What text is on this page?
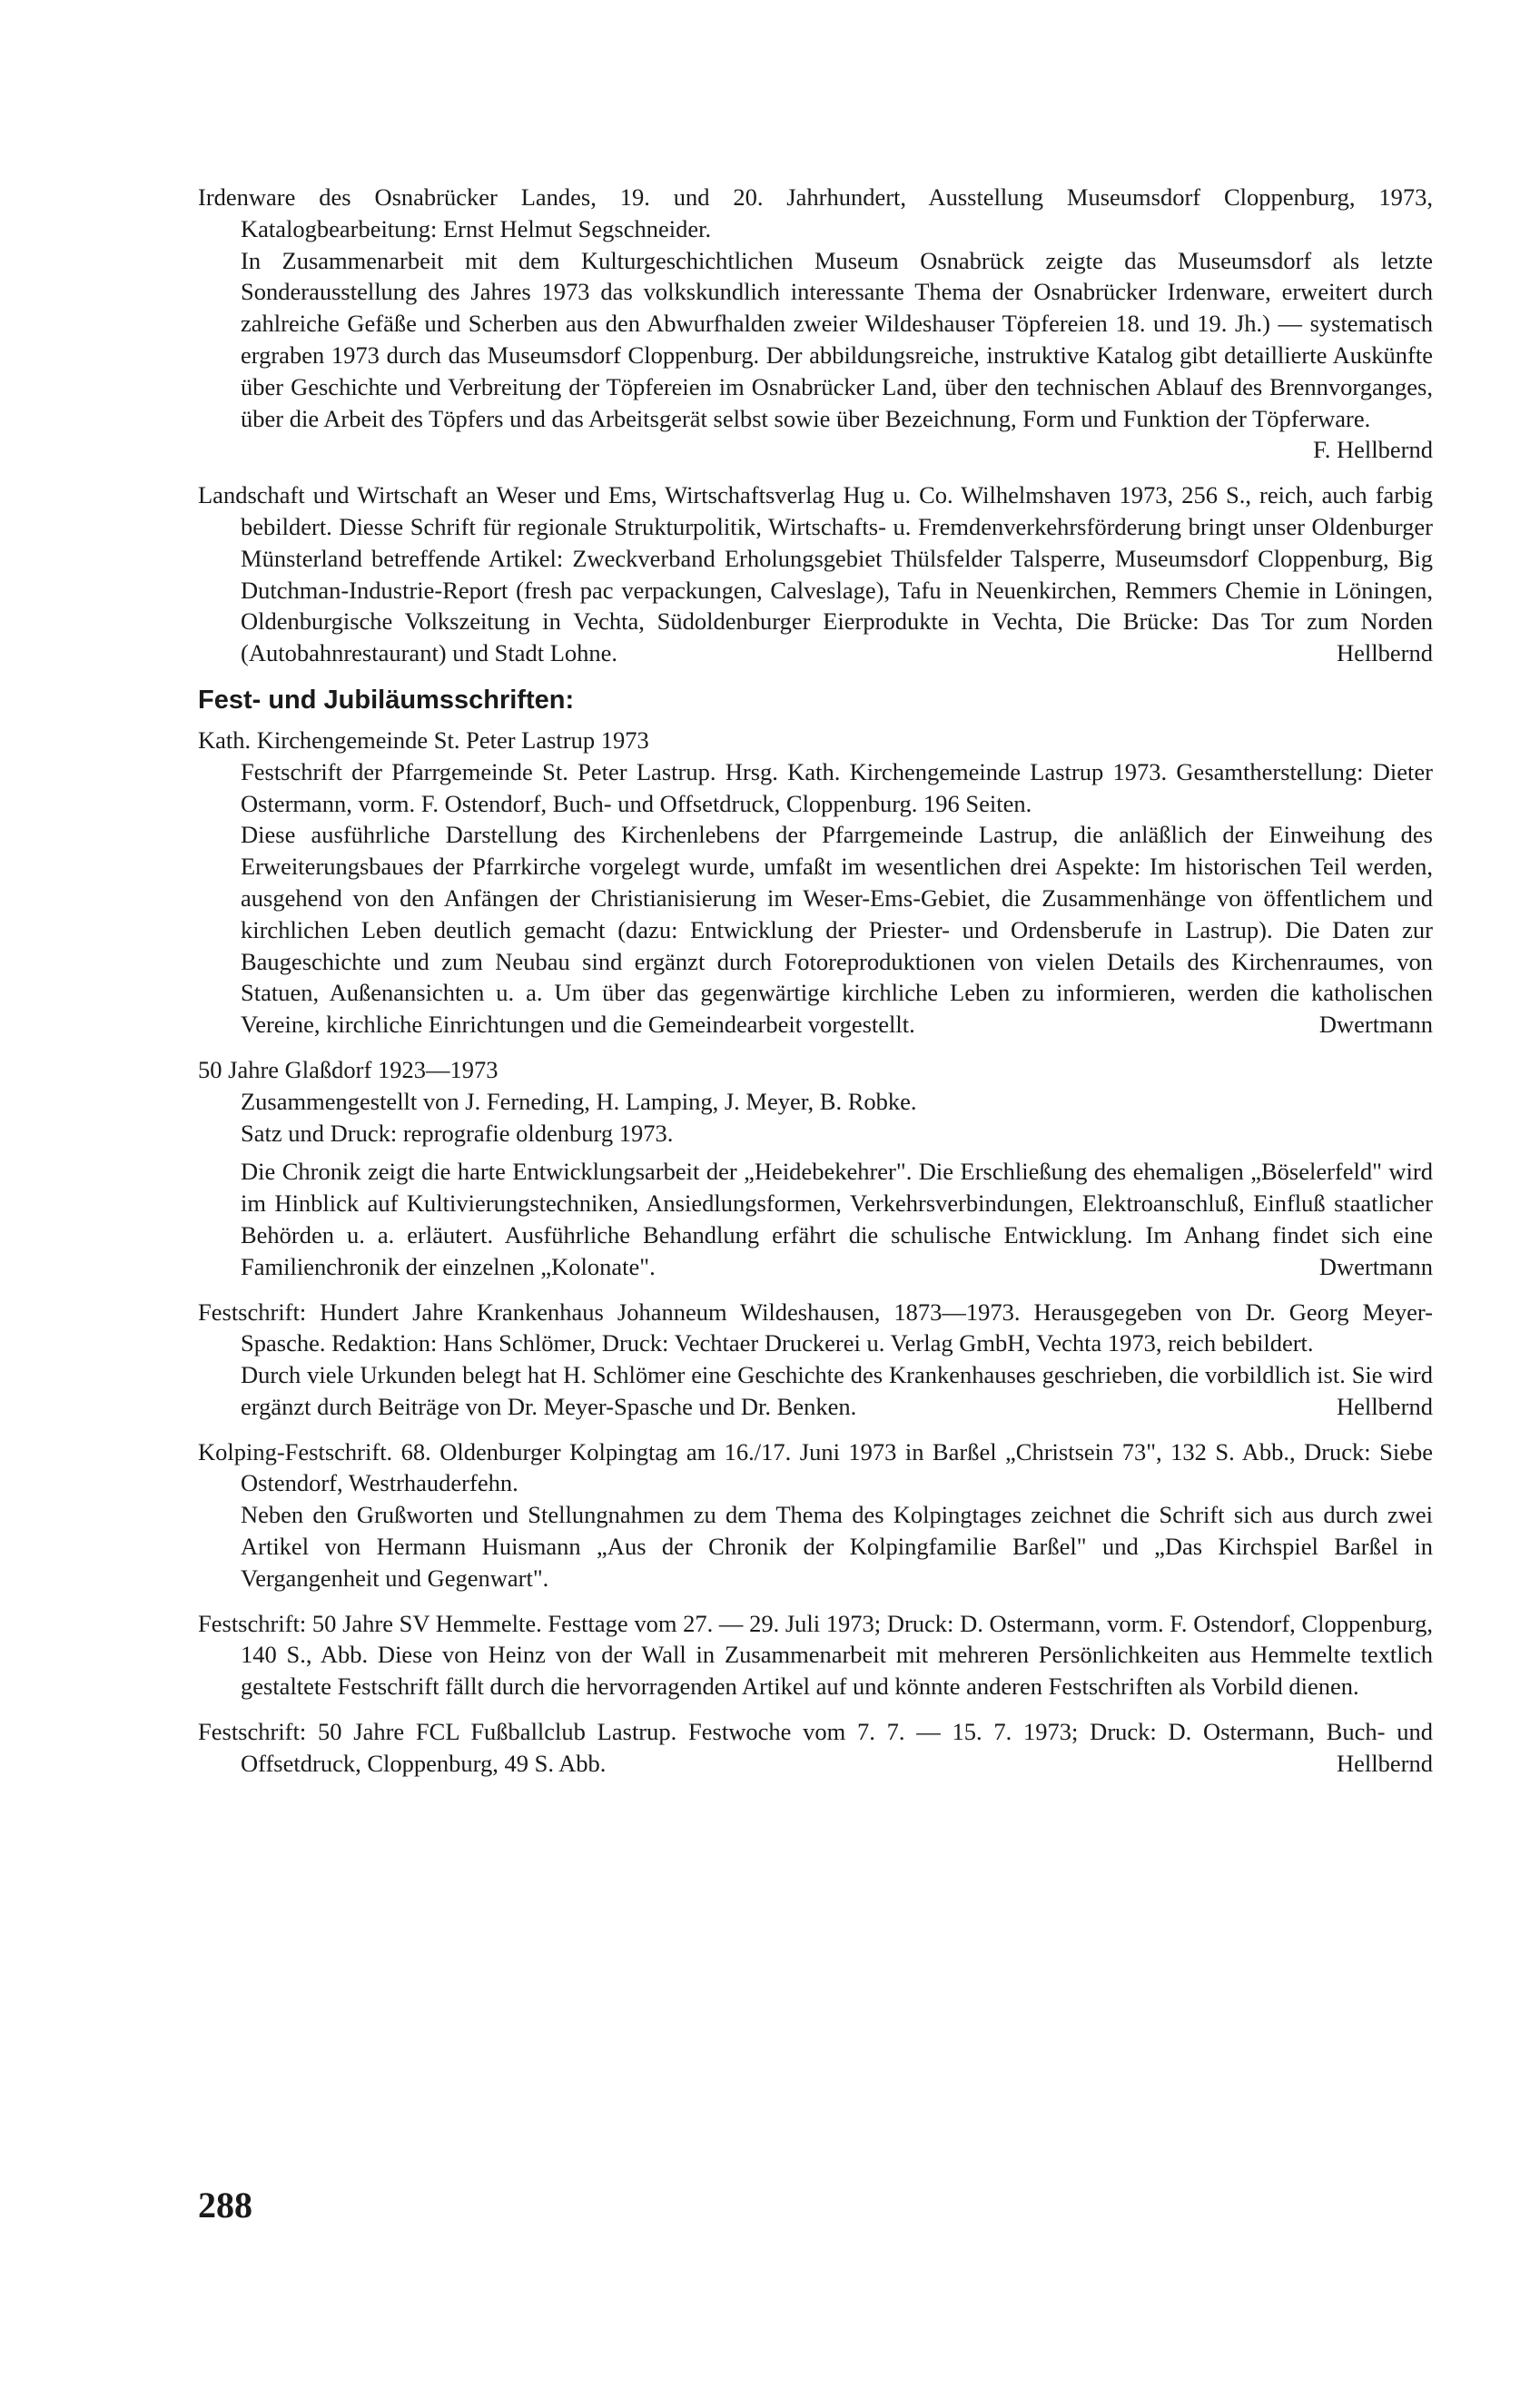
Irdenware des Osnabrücker Landes, 19. und 20. Jahrhundert, Ausstellung Museumsdorf Cloppenburg, 1973, Katalogbearbeitung: Ernst Helmut Segschneider.

In Zusammenarbeit mit dem Kulturgeschichtlichen Museum Osnabrück zeigte das Museumsdorf als letzte Sonderausstellung des Jahres 1973 das volkskundlich interessante Thema der Osnabrücker Irdenware, erweitert durch zahlreiche Gefäße und Scherben aus den Abwurfhalden zweier Wildeshauser Töpfereien 18. und 19. Jh.) — systematisch ergraben 1973 durch das Museumsdorf Cloppenburg. Der abbildungsreiche, instruktive Katalog gibt detaillierte Auskünfte über Geschichte und Verbreitung der Töpfereien im Osnabrücker Land, über den technischen Ablauf des Brennvorganges, über die Arbeit des Töpfers und das Arbeitsgerät selbst sowie über Bezeichnung, Form und Funktion der Töpferware.
F. Hellbernd

Landschaft und Wirtschaft an Weser und Ems, Wirtschaftsverlag Hug u. Co. Wilhelmshaven 1973, 256 S., reich, auch farbig bebildert. Diesse Schrift für regionale Strukturpolitik, Wirtschafts- u. Fremdenverkehrsförderung bringt unser Oldenburger Münsterland betreffende Artikel: Zweckverband Erholungsgebiet Thülsfelder Talsperre, Museumsdorf Cloppenburg, Big Dutchman-Industrie-Report (fresh pac verpackungen, Calveslage), Tafu in Neuenkirchen, Remmers Chemie in Löningen, Oldenburgische Volkszeitung in Vechta, Südoldenburger Eierprodukte in Vechta, Die Brücke: Das Tor zum Norden (Autobahnrestaurant) und Stadt Lohne.	Hellbernd

Fest- und Jubiläumsschriften:

Kath. Kirchengemeinde St. Peter Lastrup 1973

Festschrift der Pfarrgemeinde St. Peter Lastrup. Hrsg. Kath. Kirchengemeinde Lastrup 1973. Gesamtherstellung: Dieter Ostermann, vorm. F. Ostendorf, Buch- und Offsetdruck, Cloppenburg. 196 Seiten.

Diese ausführliche Darstellung des Kirchenlebens der Pfarrgemeinde Lastrup, die anläßlich der Einweihung des Erweiterungsbaues der Pfarrkirche vorgelegt wurde, umfaßt im wesentlichen drei Aspekte: Im historischen Teil werden, ausgehend von den Anfängen der Christianisierung im Weser-Ems-Gebiet, die Zusammenhänge von öffentlichem und kirchlichen Leben deutlich gemacht (dazu: Entwicklung der Priester- und Ordensberufe in Lastrup). Die Daten zur Baugeschichte und zum Neubau sind ergänzt durch Fotoreproduktionen von vielen Details des Kirchenraumes, von Statuen, Außenansichten u. a. Um über das gegenwärtige kirchliche Leben zu informieren, werden die katholischen Vereine, kirchliche Einrichtungen und die Gemeindearbeit vorgestellt.	Dwertmann

50 Jahre Glaßdorf 1923—1973

Zusammengestellt von J. Ferneding, H. Lamping, J. Meyer, B. Robke.

Satz und Druck: reprografie oldenburg 1973.

Die Chronik zeigt die harte Entwicklungsarbeit der „Heidebekehrer". Die Erschließung des ehemaligen „Böselerfeld" wird im Hinblick auf Kultivierungstechniken, Ansiedlungsformen, Verkehrsverbindungen, Elektroanschluß, Einfluß staatlicher Behörden u. a. erläutert. Ausführliche Behandlung erfährt die schulische Entwicklung. Im Anhang findet sich eine Familienchronik der einzelnen „Kolonate".	Dwertmann

Festschrift: Hundert Jahre Krankenhaus Johanneum Wildeshausen, 1873—1973. Herausgegeben von Dr. Georg Meyer-Spasche. Redaktion: Hans Schlömer, Druck: Vechtaer Druckerei u. Verlag GmbH, Vechta 1973, reich bebildert.

Durch viele Urkunden belegt hat H. Schlömer eine Geschichte des Krankenhauses geschrieben, die vorbildlich ist. Sie wird ergänzt durch Beiträge von Dr. Meyer-Spasche und Dr. Benken.	Hellbernd

Kolping-Festschrift. 68. Oldenburger Kolpingtag am 16./17. Juni 1973 in Barßel „Christsein 73", 132 S. Abb., Druck: Siebe Ostendorf, Westrhauderfehn.

Neben den Grußworten und Stellungnahmen zu dem Thema des Kolpingtages zeichnet die Schrift sich aus durch zwei Artikel von Hermann Huismann „Aus der Chronik der Kolpingfamilie Barßel" und „Das Kirchspiel Barßel in Vergangenheit und Gegenwart".

Festschrift: 50 Jahre SV Hemmelte. Festtage vom 27. — 29. Juli 1973; Druck: D. Ostermann, vorm. F. Ostendorf, Cloppenburg, 140 S., Abb. Diese von Heinz von der Wall in Zusammenarbeit mit mehreren Persönlichkeiten aus Hemmelte textlich gestaltete Festschrift fällt durch die hervorragenden Artikel auf und könnte anderen Festschriften als Vorbild dienen.

Festschrift: 50 Jahre FCL Fußballclub Lastrup. Festwoche vom 7. 7. — 15. 7. 1973; Druck: D. Ostermann, Buch- und Offsetdruck, Cloppenburg, 49 S. Abb.	Hellbernd

288
